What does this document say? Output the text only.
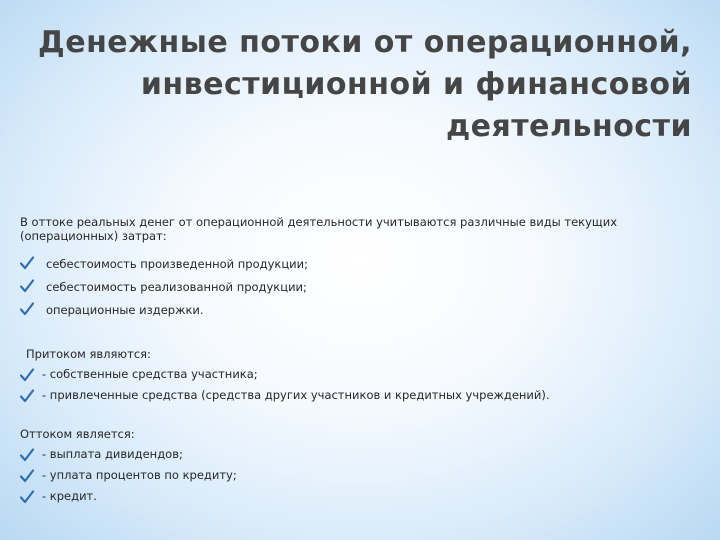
Денежные потоки от операционной,
инвестиционной и финансовой
деятельности

В оттоке реальных денег от операционной деятельности учитываются различные виды текущих (операционных) затрат:

себестоимость произведенной продукции;
себестоимость реализованной продукции;
операционные издержки.

Притоком являются:

- собственные средства участника;
- привлеченные средства (средства других участников и кредитных учреждений).

Оттоком является:

- выплата дивидендов;
- уплата процентов по кредиту;
- кредит.
